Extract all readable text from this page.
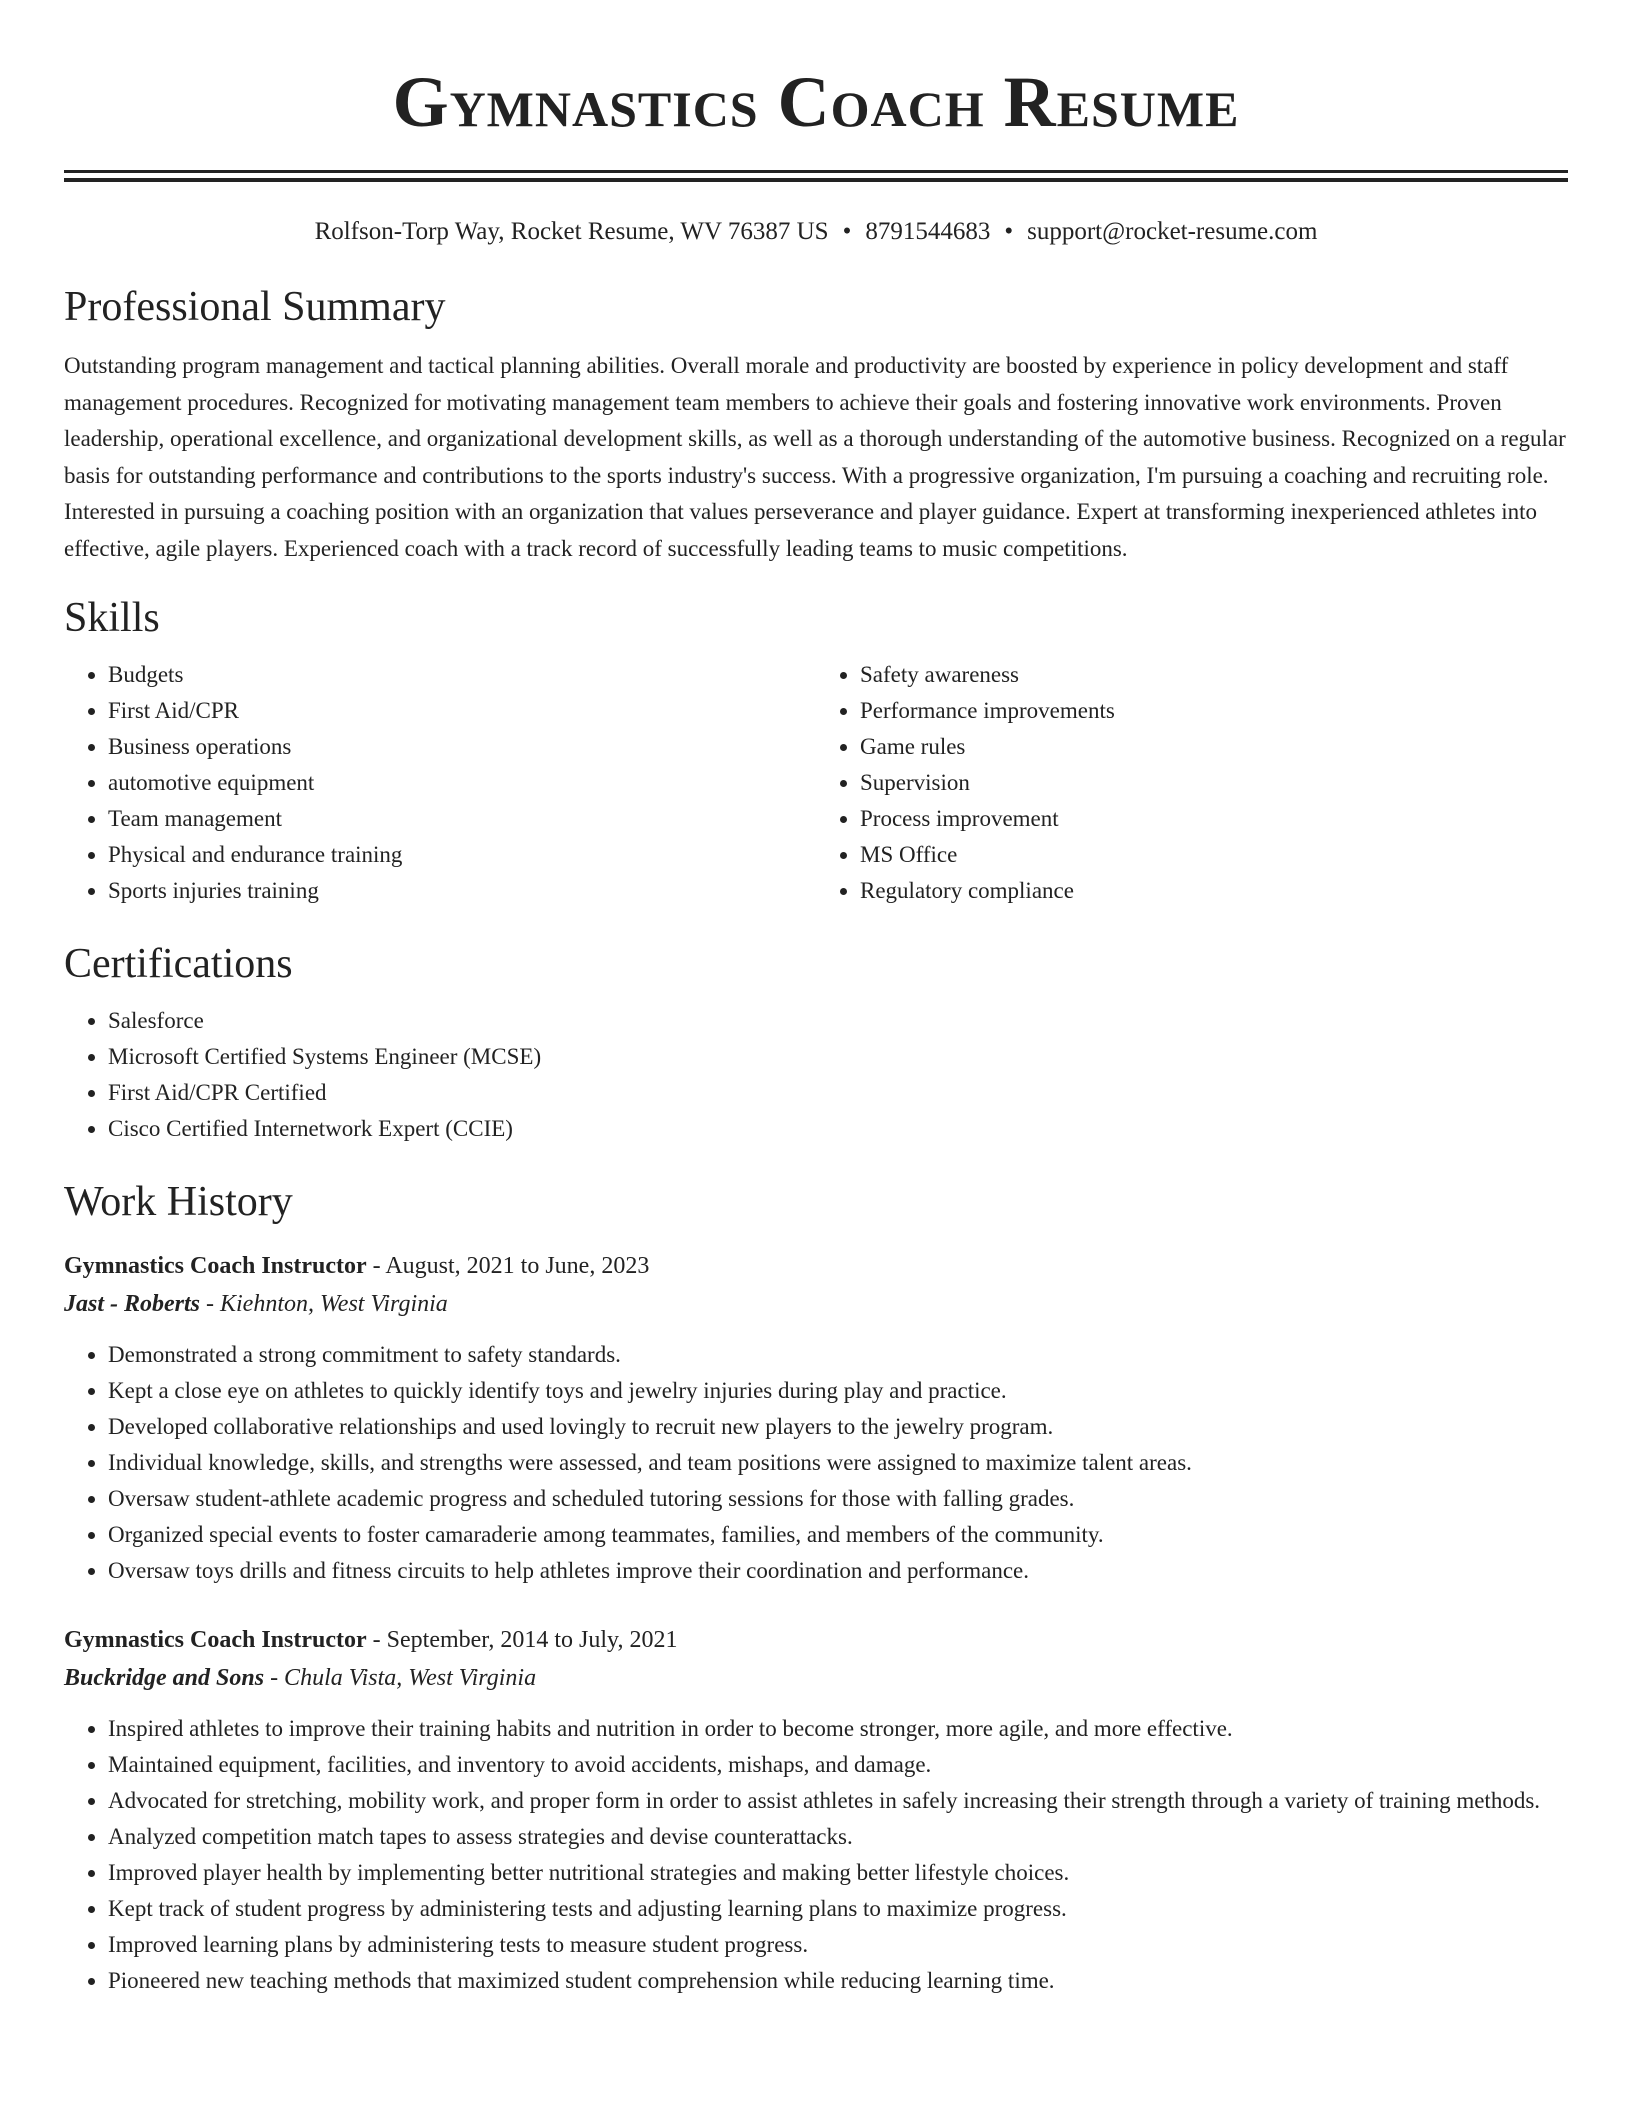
Gymnastics Coach Resume
Rolfson-Torp Way, Rocket Resume, WV 76387 US • 8791544683 • support@rocket-resume.com
Professional Summary

Outstanding program management and tactical planning abilities. Overall morale and productivity are boosted by experience in policy development and staff management procedures. Recognized for motivating management team members to achieve their goals and fostering innovative work environments. Proven leadership, operational excellence, and organizational development skills, as well as a thorough understanding of the automotive business. Recognized on a regular basis for outstanding performance and contributions to the sports industry's success. With a progressive organization, I'm pursuing a coaching and recruiting role. Interested in pursuing a coaching position with an organization that values perseverance and player guidance. Expert at transforming inexperienced athletes into effective, agile players. Experienced coach with a track record of successfully leading teams to music competitions.

Skills
• Budgets
• First Aid/CPR
• Business operations
• automotive equipment
• Team management
• Physical and endurance training
• Sports injuries training
• Safety awareness
• Performance improvements
• Game rules
• Supervision
• Process improvement
• MS Office
• Regulatory compliance
Certifications
• Salesforce
• Microsoft Certified Systems Engineer (MCSE)
• First Aid/CPR Certified
• Cisco Certified Internetwork Expert (CCIE)
Work History
Gymnastics Coach Instructor - August, 2021 to June, 2023
Jast - Roberts - Kiehnton, West Virginia
• Demonstrated a strong commitment to safety standards.
• Kept a close eye on athletes to quickly identify toys and jewelry injuries during play and practice.
• Developed collaborative relationships and used lovingly to recruit new players to the jewelry program.
• Individual knowledge, skills, and strengths were assessed, and team positions were assigned to maximize talent areas.
• Oversaw student-athlete academic progress and scheduled tutoring sessions for those with falling grades.
• Organized special events to foster camaraderie among teammates, families, and members of the community.
• Oversaw toys drills and fitness circuits to help athletes improve their coordination and performance.
Gymnastics Coach Instructor - September, 2014 to July, 2021
Buckridge and Sons - Chula Vista, West Virginia
• Inspired athletes to improve their training habits and nutrition in order to become stronger, more agile, and more effective.
• Maintained equipment, facilities, and inventory to avoid accidents, mishaps, and damage.
• Advocated for stretching, mobility work, and proper form in order to assist athletes in safely increasing their strength through a variety of training methods.
• Analyzed competition match tapes to assess strategies and devise counterattacks.
• Improved player health by implementing better nutritional strategies and making better lifestyle choices.
• Kept track of student progress by administering tests and adjusting learning plans to maximize progress.
• Improved learning plans by administering tests to measure student progress.
• Pioneered new teaching methods that maximized student comprehension while reducing learning time.
